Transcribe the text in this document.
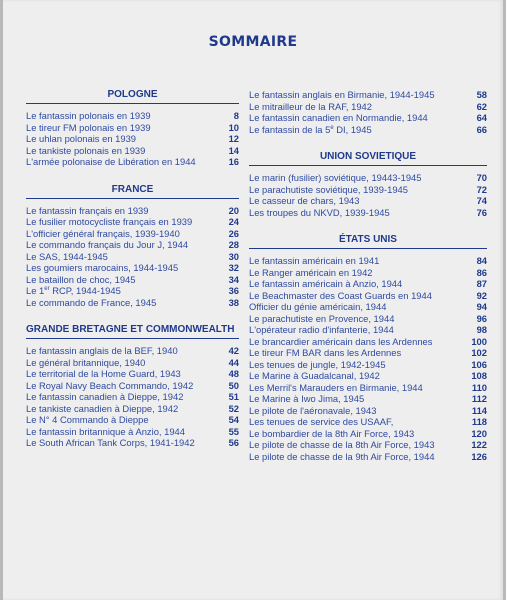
SOMMAIRE
POLOGNE
Le fantassin polonais en 1939	8
Le tireur FM polonais en 1939	10
Le uhlan polonais en 1939	12
Le tankiste polonais en 1939	14
L'armée polonaise de Libération en 1944	16
FRANCE
Le fantassin français en 1939	20
Le fusilier motocycliste français en 1939	24
L'officier général français, 1939-1940	26
Le commando français du Jour J, 1944	28
Le SAS, 1944-1945	30
Les goumiers marocains, 1944-1945	32
Le bataillon de choc, 1945	34
Le 1er RCP, 1944-1945	36
Le commando de France, 1945	38
GRANDE BRETAGNE ET COMMONWEALTH
Le fantassin anglais de la BEF, 1940	42
Le général britannique, 1940	44
Le territorial de la Home Guard, 1943	48
Le Royal Navy Beach Commando, 1942	50
Le fantassin canadien à Dieppe, 1942	51
Le tankiste canadien à Dieppe, 1942	52
Le N° 4 Commando à Dieppe	54
Le fantassin britannique à Anzio, 1944	55
Le South African Tank Corps, 1941-1942	56
Le fantassin anglais en Birmanie, 1944-1945	58
Le mitrailleur de la RAF, 1942	62
Le fantassin canadien en Normandie, 1944	64
Le fantassin de la 5e DI, 1945	66
UNION SOVIETIQUE
Le marin (fusilier) soviétique, 19443-1945	70
Le parachutiste soviétique, 1939-1945	72
Le casseur de chars, 1943	74
Les troupes du NKVD, 1939-1945	76
ÉTATS UNIS
Le fantassin américain en 1941	84
Le Ranger américain en 1942	86
Le fantassin américain à Anzio, 1944	87
Le Beachmaster des Coast Guards en 1944	92
Officier du génie américain, 1944	94
Le parachutiste en Provence, 1944	96
L'opérateur radio d'infanterie, 1944	98
Le brancardier américain dans les Ardennes	100
Le tireur FM BAR dans les Ardennes	102
Les tenues de jungle, 1942-1945	106
Le Marine à Guadalcanal, 1942	108
Les Merril's Marauders en Birmanie, 1944	110
Le Marine à Iwo Jima, 1945	112
Le pilote de l'aéronavale, 1943	114
Les tenues de service des USAAF,	118
Le bombardier de la 8th Air Force, 1943	120
Le pilote de chasse de la 8th Air Force, 1943	122
Le pilote de chasse de la 9th Air Force, 1944	126
